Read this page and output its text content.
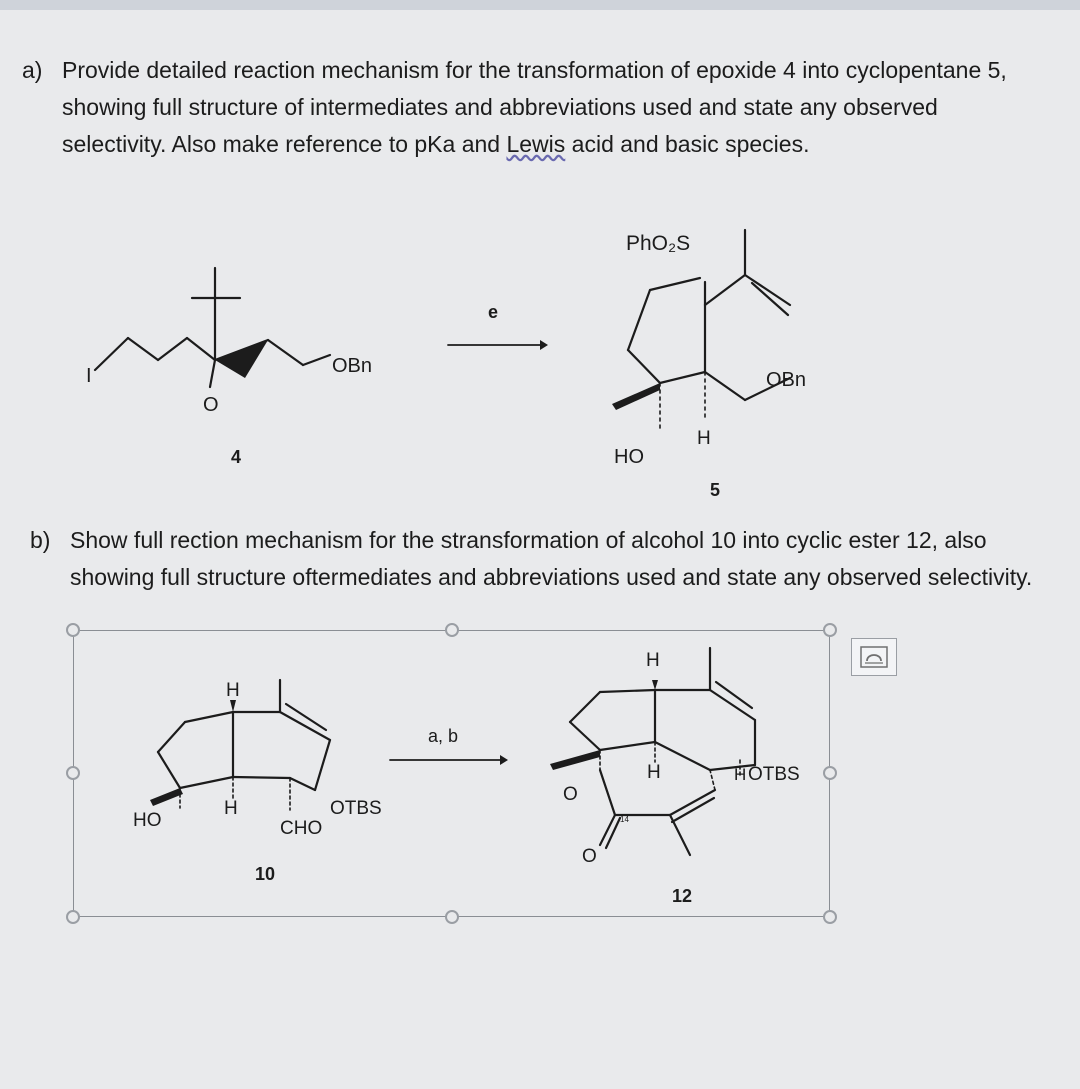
a) Provide detailed reaction mechanism for the transformation of epoxide 4 into cyclopentane 5, showing full structure of intermediates and abbreviations used and state any observed selectivity. Also make reference to pKa and Lewis acid and basic species.
b) Show full rection mechanism for the stransformation of alcohol 10 into cyclic ester 12, also showing full structure oftermediates and abbreviations used and state any observed selectivity.
I
O
OBn
4
e
PhO₂S
OBn
HO
H
5
HO
H
H	OTBS
CHO
10
a, b
H
H	H OTBS
O
O
14
12
